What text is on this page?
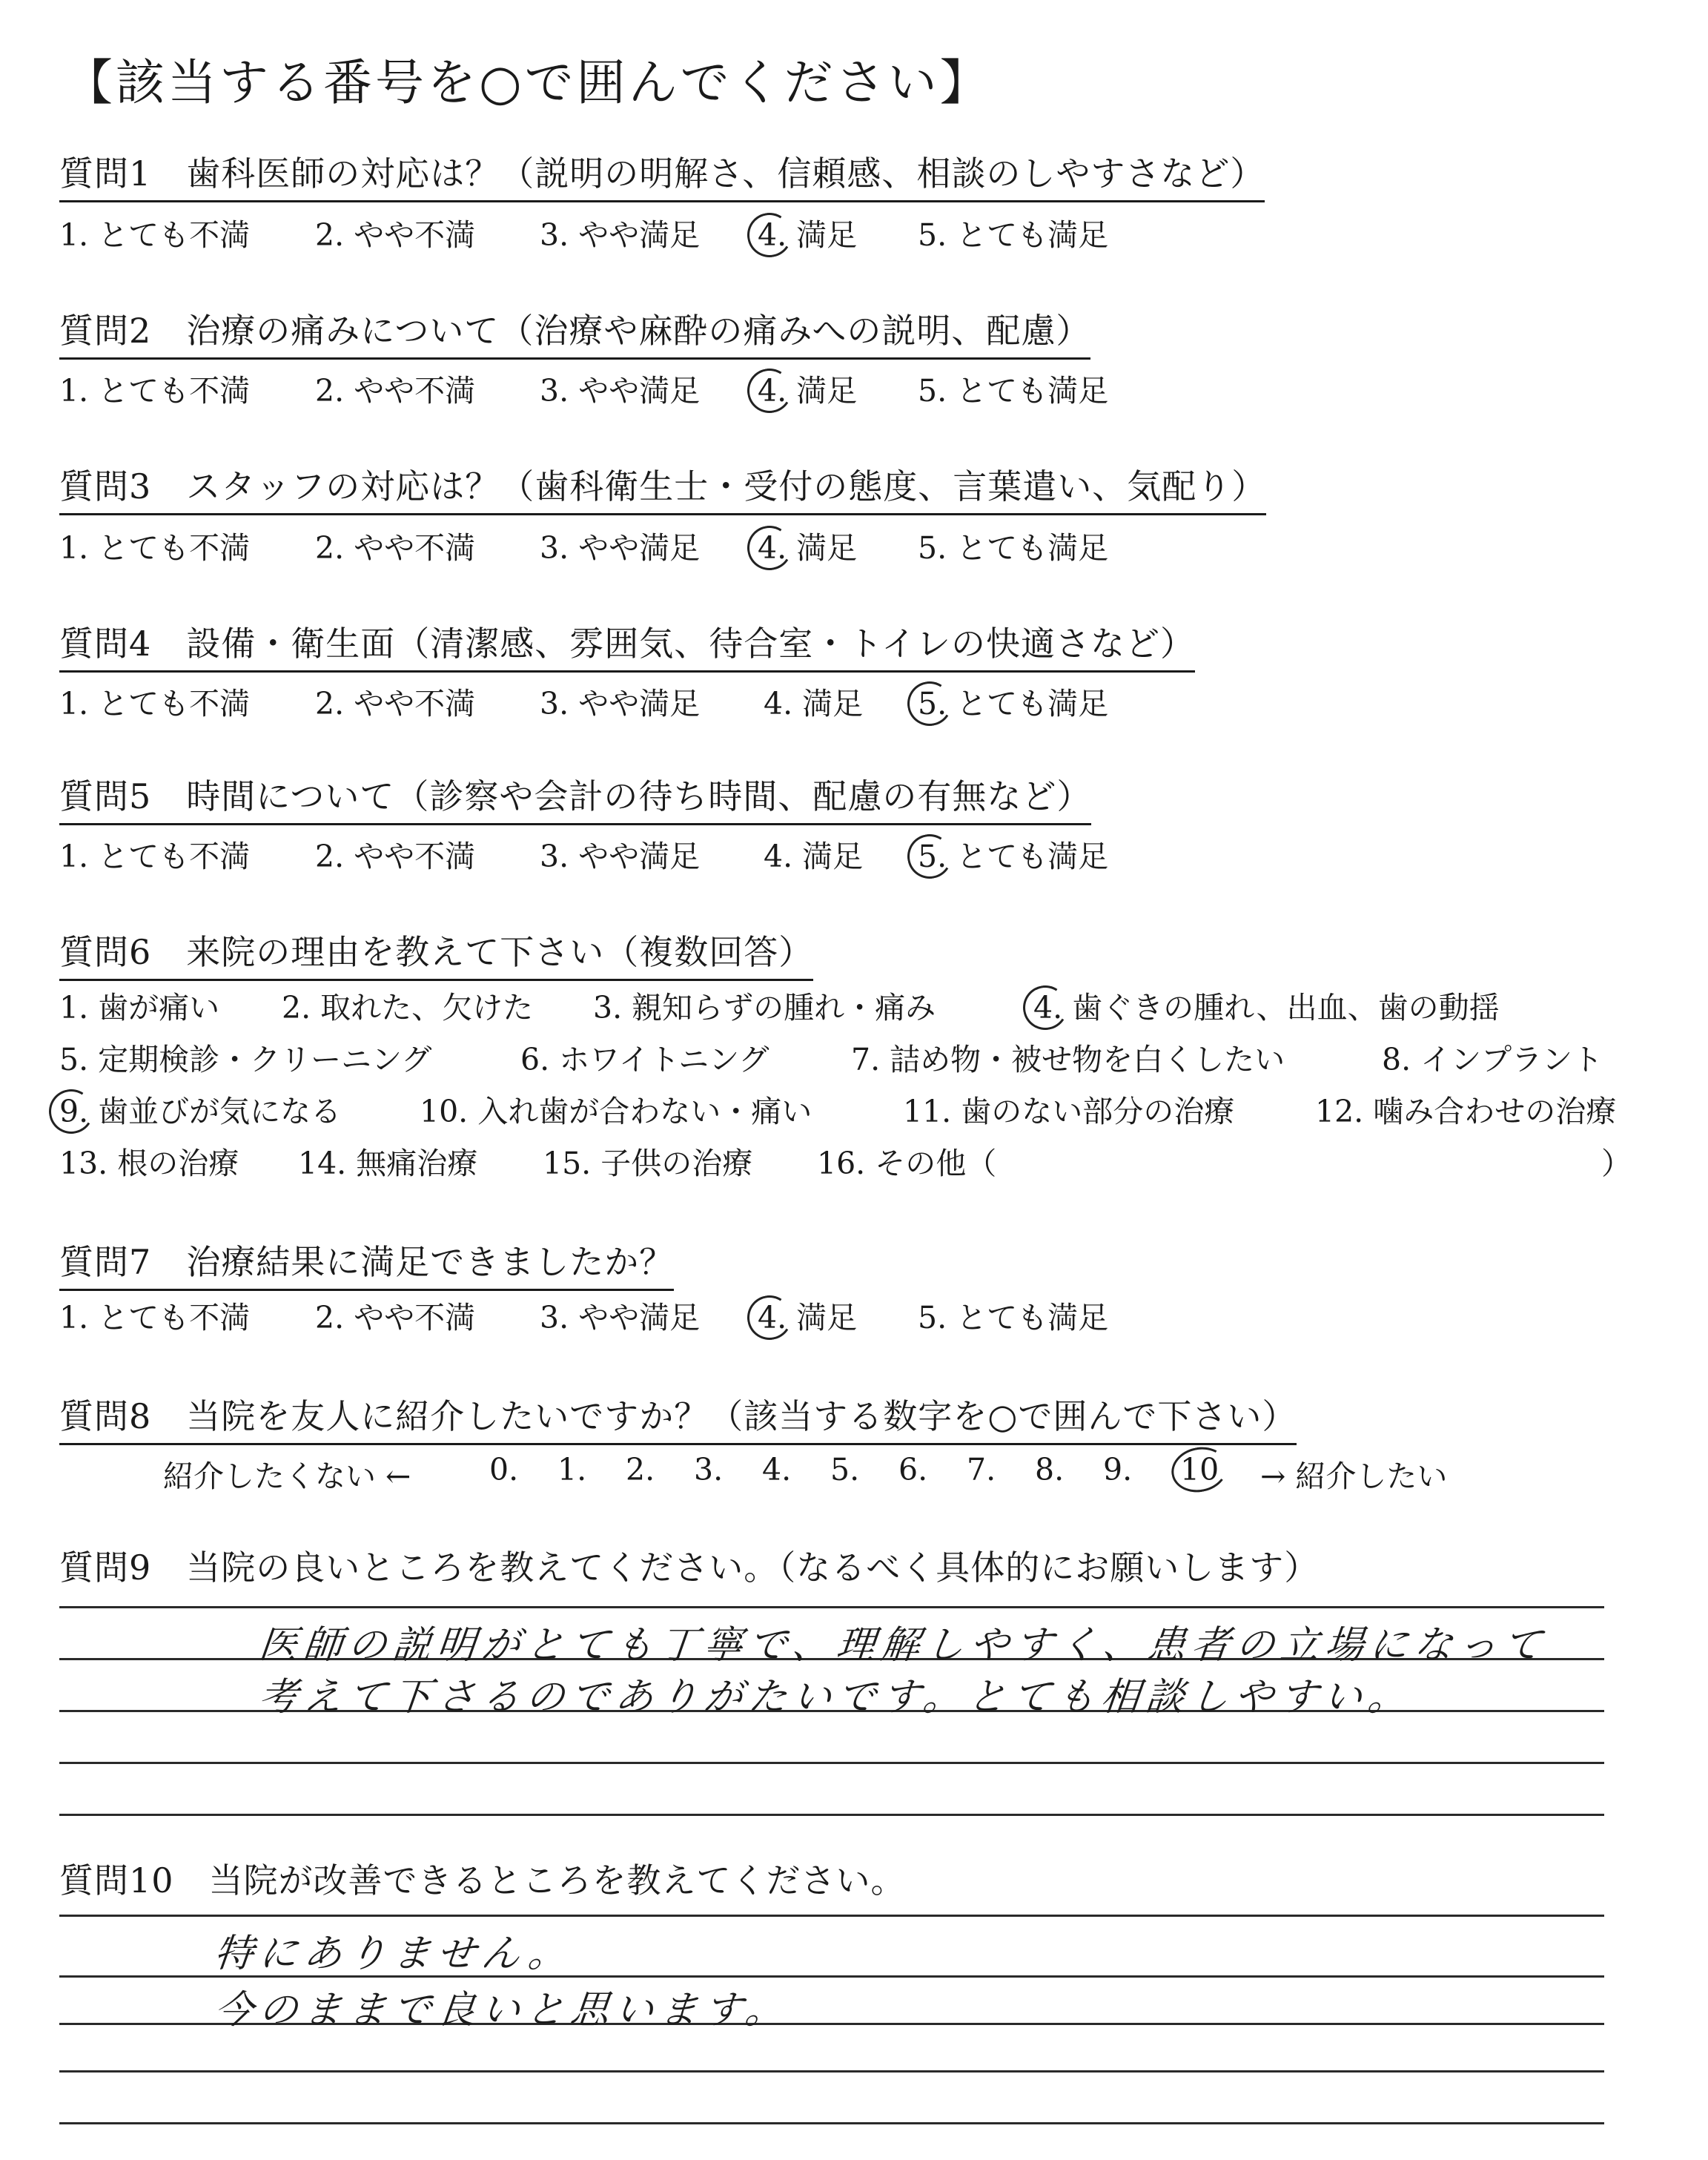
【該当する番号を○で囲んでください】
質問1　歯科医師の対応は？（説明の明解さ、信頼感、相談のしやすさなど）
1. とても不満 2. やや不満 3. やや満足 4. 満足 5. とても満足
質問2　治療の痛みについて（治療や麻酔の痛みへの説明、配慮）
1. とても不満 2. やや不満 3. やや満足 4. 満足 5. とても満足
質問3　スタッフの対応は？（歯科衛生士・受付の態度、言葉遣い、気配り）
1. とても不満 2. やや不満 3. やや満足 4. 満足 5. とても満足
質問4　設備・衛生面（清潔感、雰囲気、待合室・トイレの快適さなど）
1. とても不満 2. やや不満 3. やや満足 4. 満足 5. とても満足
質問5　時間について（診察や会計の待ち時間、配慮の有無など）
1. とても不満 2. やや不満 3. やや満足 4. 満足 5. とても満足
質問6　来院の理由を教えて下さい（複数回答）
1. 歯が痛い 2. 取れた、欠けた 3. 親知らずの腫れ・痛み	4. 歯ぐきの腫れ、出血、歯の動揺
5. 定期検診・クリーニング	6. ホワイトニング	7. 詰め物・被せ物を白くしたい	8. インプラント
9. 歯並びが気になる	10. 入れ歯が合わない・痛い	11. 歯のない部分の治療	12. 噛み合わせの治療
13. 根の治療 14. 無痛治療 15. 子供の治療 16. その他（	）
質問7　治療結果に満足できましたか？
1. とても不満 2. やや不満 3. やや満足 4. 満足 5. とても満足
質問8　当院を友人に紹介したいですか？（該当する数字を○で囲んで下さい）
紹介したくない ←	0. 1. 2. 3. 4. 5. 6. 7. 8. 9. 10 → 紹介したい
質問9　当院の良いところを教えてください。（なるべく具体的にお願いします）
医師の説明がとても丁寧で、理解しやすく、患者の立場になって
考えて下さるのでありがたいです。とても相談しやすい。
質問10　当院が改善できるところを教えてください。
特にありません。
今のままで良いと思います。
